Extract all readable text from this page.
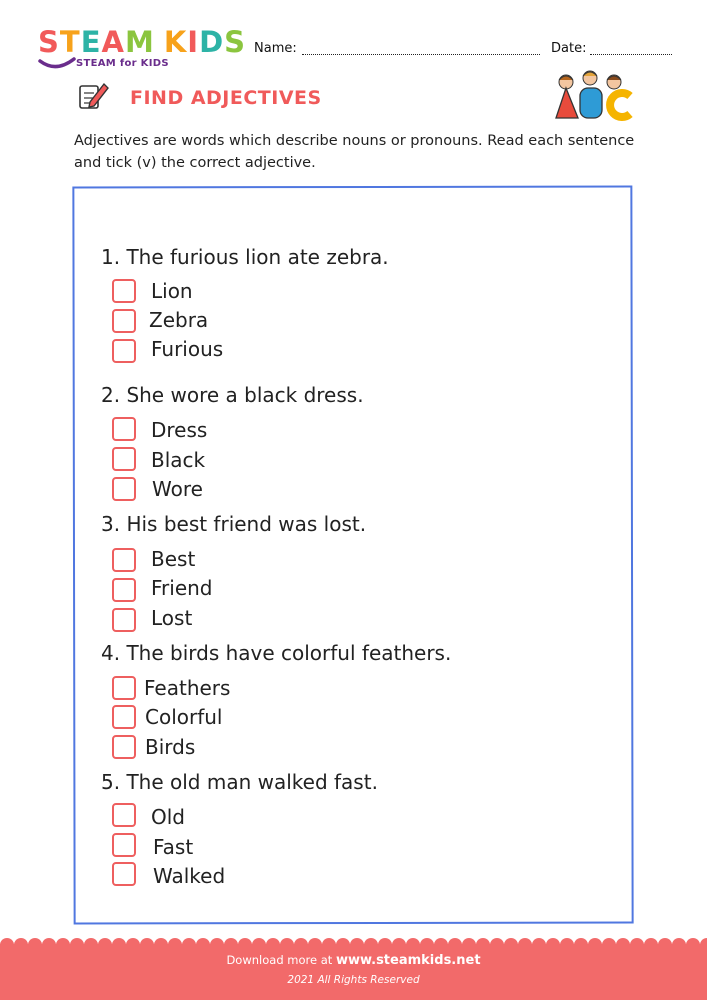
STEAM KIDS
STEAM for KIDS
Name:	Date:
FIND ADJECTIVES
Adjectives are words which describe nouns or pronouns. Read each sentence and tick (v) the correct adjective.
1. The furious lion ate zebra.
Lion
Zebra
Furious
2. She wore a black dress.
Dress
Black
Wore
3. His best friend was lost.
Best
Friend
Lost
4. The birds have colorful feathers.
Feathers
Colorful
Birds
5. The old man walked fast.
Old
Fast
Walked
Download more at www.steamkids.net
2021 All Rights Reserved
